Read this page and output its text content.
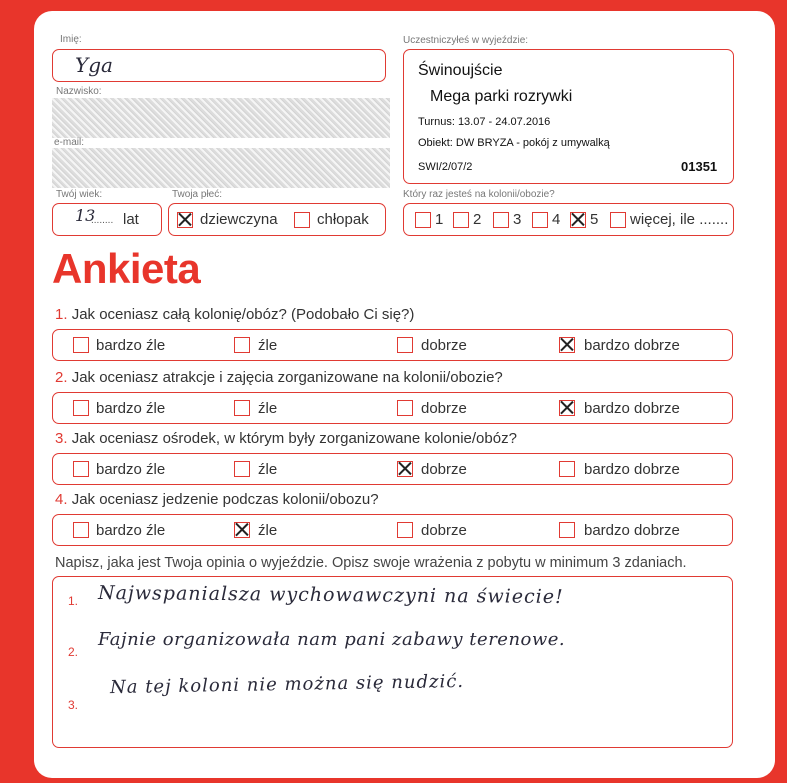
Imię:
Yga
Nazwisko:
e-mail:
Twój wiek:
13
........ lat
Twoja płeć:
dziewczyna	chłopak
Uczestniczyłeś w wyjeździe:
Świnoujście
Mega parki rozrywki
Turnus: 13.07 - 24.07.2016
Obiekt: DW BRYZA - pokój z umywalką
SWI/2/07/2	01351
Który raz jesteś na kolonii/obozie?
1 2 3 4 5 więcej, ile .......
Ankieta
1. Jak oceniasz całą kolonię/obóz? (Podobało Ci się?)
bardzo źle	źle	dobrze	bardzo dobrze
2. Jak oceniasz atrakcje i zajęcia zorganizowane na kolonii/obozie?
bardzo źle	źle	dobrze	bardzo dobrze
3. Jak oceniasz ośrodek, w którym były zorganizowane kolonie/obóz?
bardzo źle	źle	dobrze	bardzo dobrze
4. Jak oceniasz jedzenie podczas kolonii/obozu?
bardzo źle	źle	dobrze	bardzo dobrze
Napisz, jaka jest Twoja opinia o wyjeździe. Opisz swoje wrażenia z pobytu w minimum 3 zdaniach.
1.
2.
3.
Najwspanialsza wychowawczyni na świecie!
Fajnie organizowała nam pani zabawy terenowe.
Na tej koloni nie można się nudzić.
